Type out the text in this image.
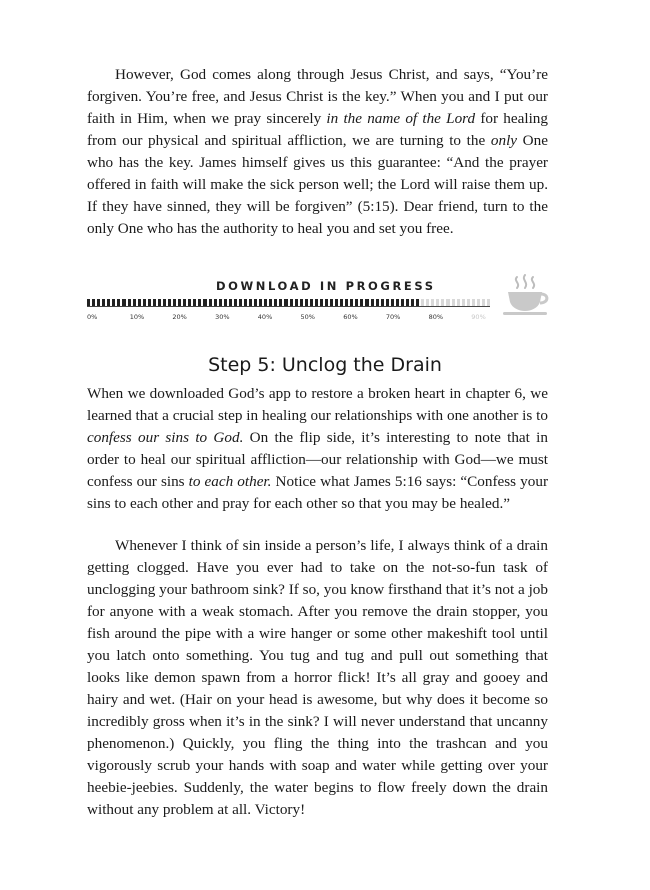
However, God comes along through Jesus Christ, and says, “You’re forgiven. You’re free, and Jesus Christ is the key.” When you and I put our faith in Him, when we pray sincerely in the name of the Lord for healing from our physical and spiritual affliction, we are turning to the only One who has the key. James himself gives us this guarantee: “And the prayer offered in faith will make the sick person well; the Lord will raise them up. If they have sinned, they will be forgiven” (5:15). Dear friend, turn to the only One who has the authority to heal you and set you free.

DOWNLOAD IN PROGRESS
0%	10%	20%	30%	40%	50%	60%	70%	80%	90%
Step 5: Unclog the Drain

When we downloaded God’s app to restore a broken heart in chapter 6, we learned that a crucial step in healing our relationships with one another is to confess our sins to God. On the flip side, it’s interesting to note that in order to heal our spiritual affliction—our relationship with God—we must confess our sins to each other. Notice what James 5:16 says: “Confess your sins to each other and pray for each other so that you may be healed.”

Whenever I think of sin inside a person’s life, I always think of a drain getting clogged. Have you ever had to take on the not-so-fun task of unclogging your bathroom sink? If so, you know firsthand that it’s not a job for anyone with a weak stomach. After you remove the drain stopper, you fish around the pipe with a wire hanger or some other makeshift tool until you latch onto something. You tug and tug and pull out something that looks like demon spawn from a horror flick! It’s all gray and gooey and hairy and wet. (Hair on your head is awesome, but why does it become so incredibly gross when it’s in the sink? I will never understand that uncanny phenomenon.) Quickly, you fling the thing into the trashcan and you vigorously scrub your hands with soap and water while getting over your heebie-jeebies. Suddenly, the water begins to flow freely down the drain without any problem at all. Victory!
